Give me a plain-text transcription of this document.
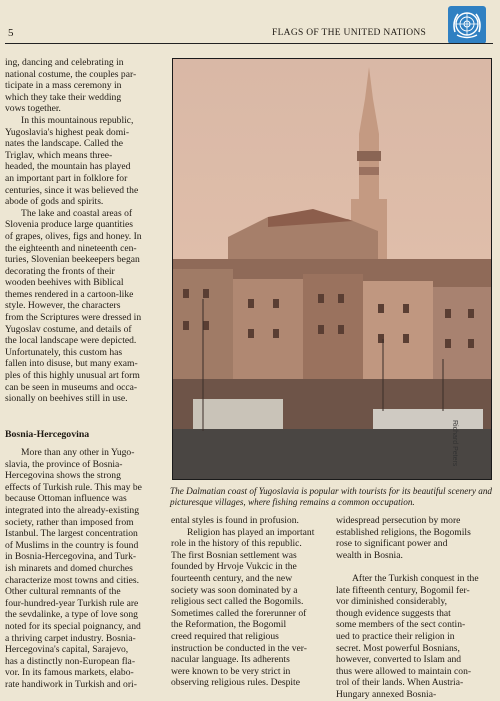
5	FLAGS OF THE UNITED NATIONS

ing, dancing and celebrating in
national costume, the couples par-
ticipate in a mass ceremony in
which they take their wedding
vows together.

In this mountainous republic,
Yugoslavia's highest peak domi-
nates the landscape. Called the
Triglav, which means three-
headed, the mountain has played
an important part in folklore for
centuries, since it was believed the
abode of gods and spirits.

The lake and coastal areas of
Slovenia produce large quantities
of grapes, olives, figs and honey. In
the eighteenth and nineteenth cen-
turies, Slovenian beekeepers began
decorating the fronts of their
wooden beehives with Biblical
themes rendered in a cartoon-like
style. However, the characters
from the Scriptures were dressed in
Yugoslav costume, and details of
the local landscape were depicted.
Unfortunately, this custom has
fallen into disuse, but many exam-
ples of this highly unusual art form
can be seen in museums and occa-
sionally on beehives still in use.

Bosnia-Hercegovina

More than any other in Yugo-
slavia, the province of Bosnia-
Hercegovina shows the strong
effects of Turkish rule. This may be
because Ottoman influence was
integrated into the already-existing
society, rather than imposed from
Istanbul. The largest concentration
of Muslims in the country is found
in Bosnia-Hercegovina, and Turk-
ish minarets and domed churches
characterize most towns and cities.
Other cultural remnants of the
four-hundred-year Turkish rule are
the sevdalinke, a type of love song
noted for its special poignancy, and
a thriving carpet industry. Bosnia-
Hercegovina's capital, Sarajevo,
has a distinctly non-European fla-
vor. In its famous markets, elabo-
rate handiwork in Turkish and ori-

Richard Peters
The Dalmatian coast of Yugoslavia is popular with tourists for its beautiful scenery and picturesque villages, where fishing remains a common occupation.

ental styles is found in profusion.
Religion has played an important
role in the history of this republic.
The first Bosnian settlement was
founded by Hrvoje Vukcic in the
fourteenth century, and the new
society was soon dominated by a
religious sect called the Bogomils.
Sometimes called the forerunner of
the Reformation, the Bogomil
creed required that religious
instruction be conducted in the ver-
nacular language. Its adherents
were known to be very strict in
observing religious rules. Despite

widespread persecution by more
established religions, the Bogomils
rose to significant power and
wealth in Bosnia.

After the Turkish conquest in the
late fifteenth century, Bogomil fer-
vor diminished considerably,
though evidence suggests that
some members of the sect contin-
ued to practice their religion in
secret. Most powerful Bosnians,
however, converted to Islam and
thus were allowed to maintain con-
trol of their lands. When Austria-
Hungary annexed Bosnia-
